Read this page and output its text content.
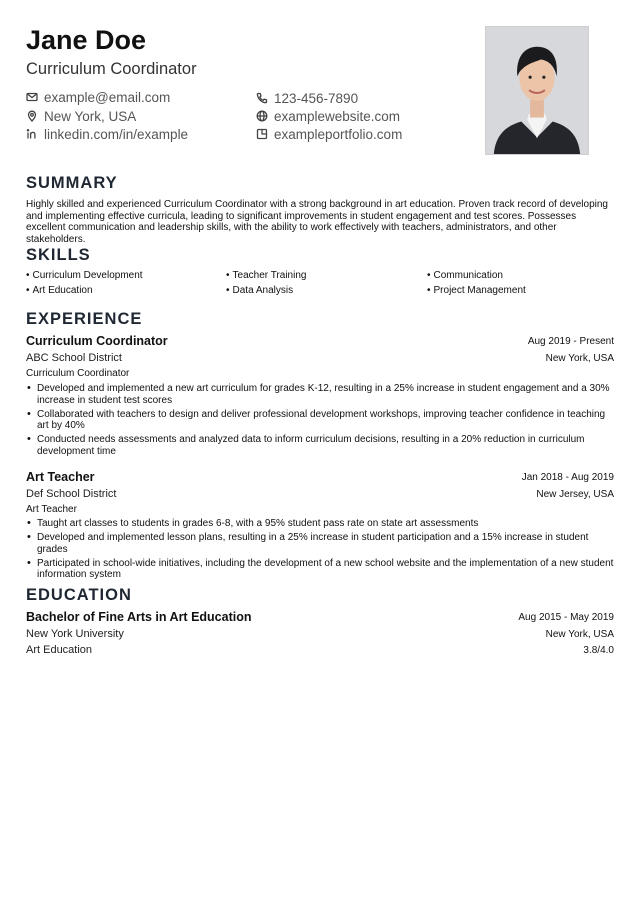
Jane Doe
Curriculum Coordinator
example@email.com	123-456-7890
New York, USA	examplewebsite.com
linkedin.com/in/example	exampleportfolio.com
SUMMARY
Highly skilled and experienced Curriculum Coordinator with a strong background in art education. Proven track record of developing and implementing effective curricula, leading to significant improvements in student engagement and test scores. Possesses excellent communication and leadership skills, with the ability to work effectively with teachers, administrators, and other stakeholders.
SKILLS
• Curriculum Development	• Teacher Training	• Communication
• Art Education	• Data Analysis	• Project Management
EXPERIENCE
Curriculum Coordinator	Aug 2019 - Present
ABC School District	New York, USA
Curriculum Coordinator
• Developed and implemented a new art curriculum for grades K-12, resulting in a 25% increase in student engagement and a 30% increase in student test scores
• Collaborated with teachers to design and deliver professional development workshops, improving teacher confidence in teaching art by 40%
• Conducted needs assessments and analyzed data to inform curriculum decisions, resulting in a 20% reduction in curriculum development time
Art Teacher	Jan 2018 - Aug 2019
Def School District	New Jersey, USA
Art Teacher
• Taught art classes to students in grades 6-8, with a 95% student pass rate on state art assessments
• Developed and implemented lesson plans, resulting in a 25% increase in student participation and a 15% increase in student grades
• Participated in school-wide initiatives, including the development of a new school website and the implementation of a new student information system
EDUCATION
Bachelor of Fine Arts in Art Education	Aug 2015 - May 2019
New York University	New York, USA
Art Education	3.8/4.0
